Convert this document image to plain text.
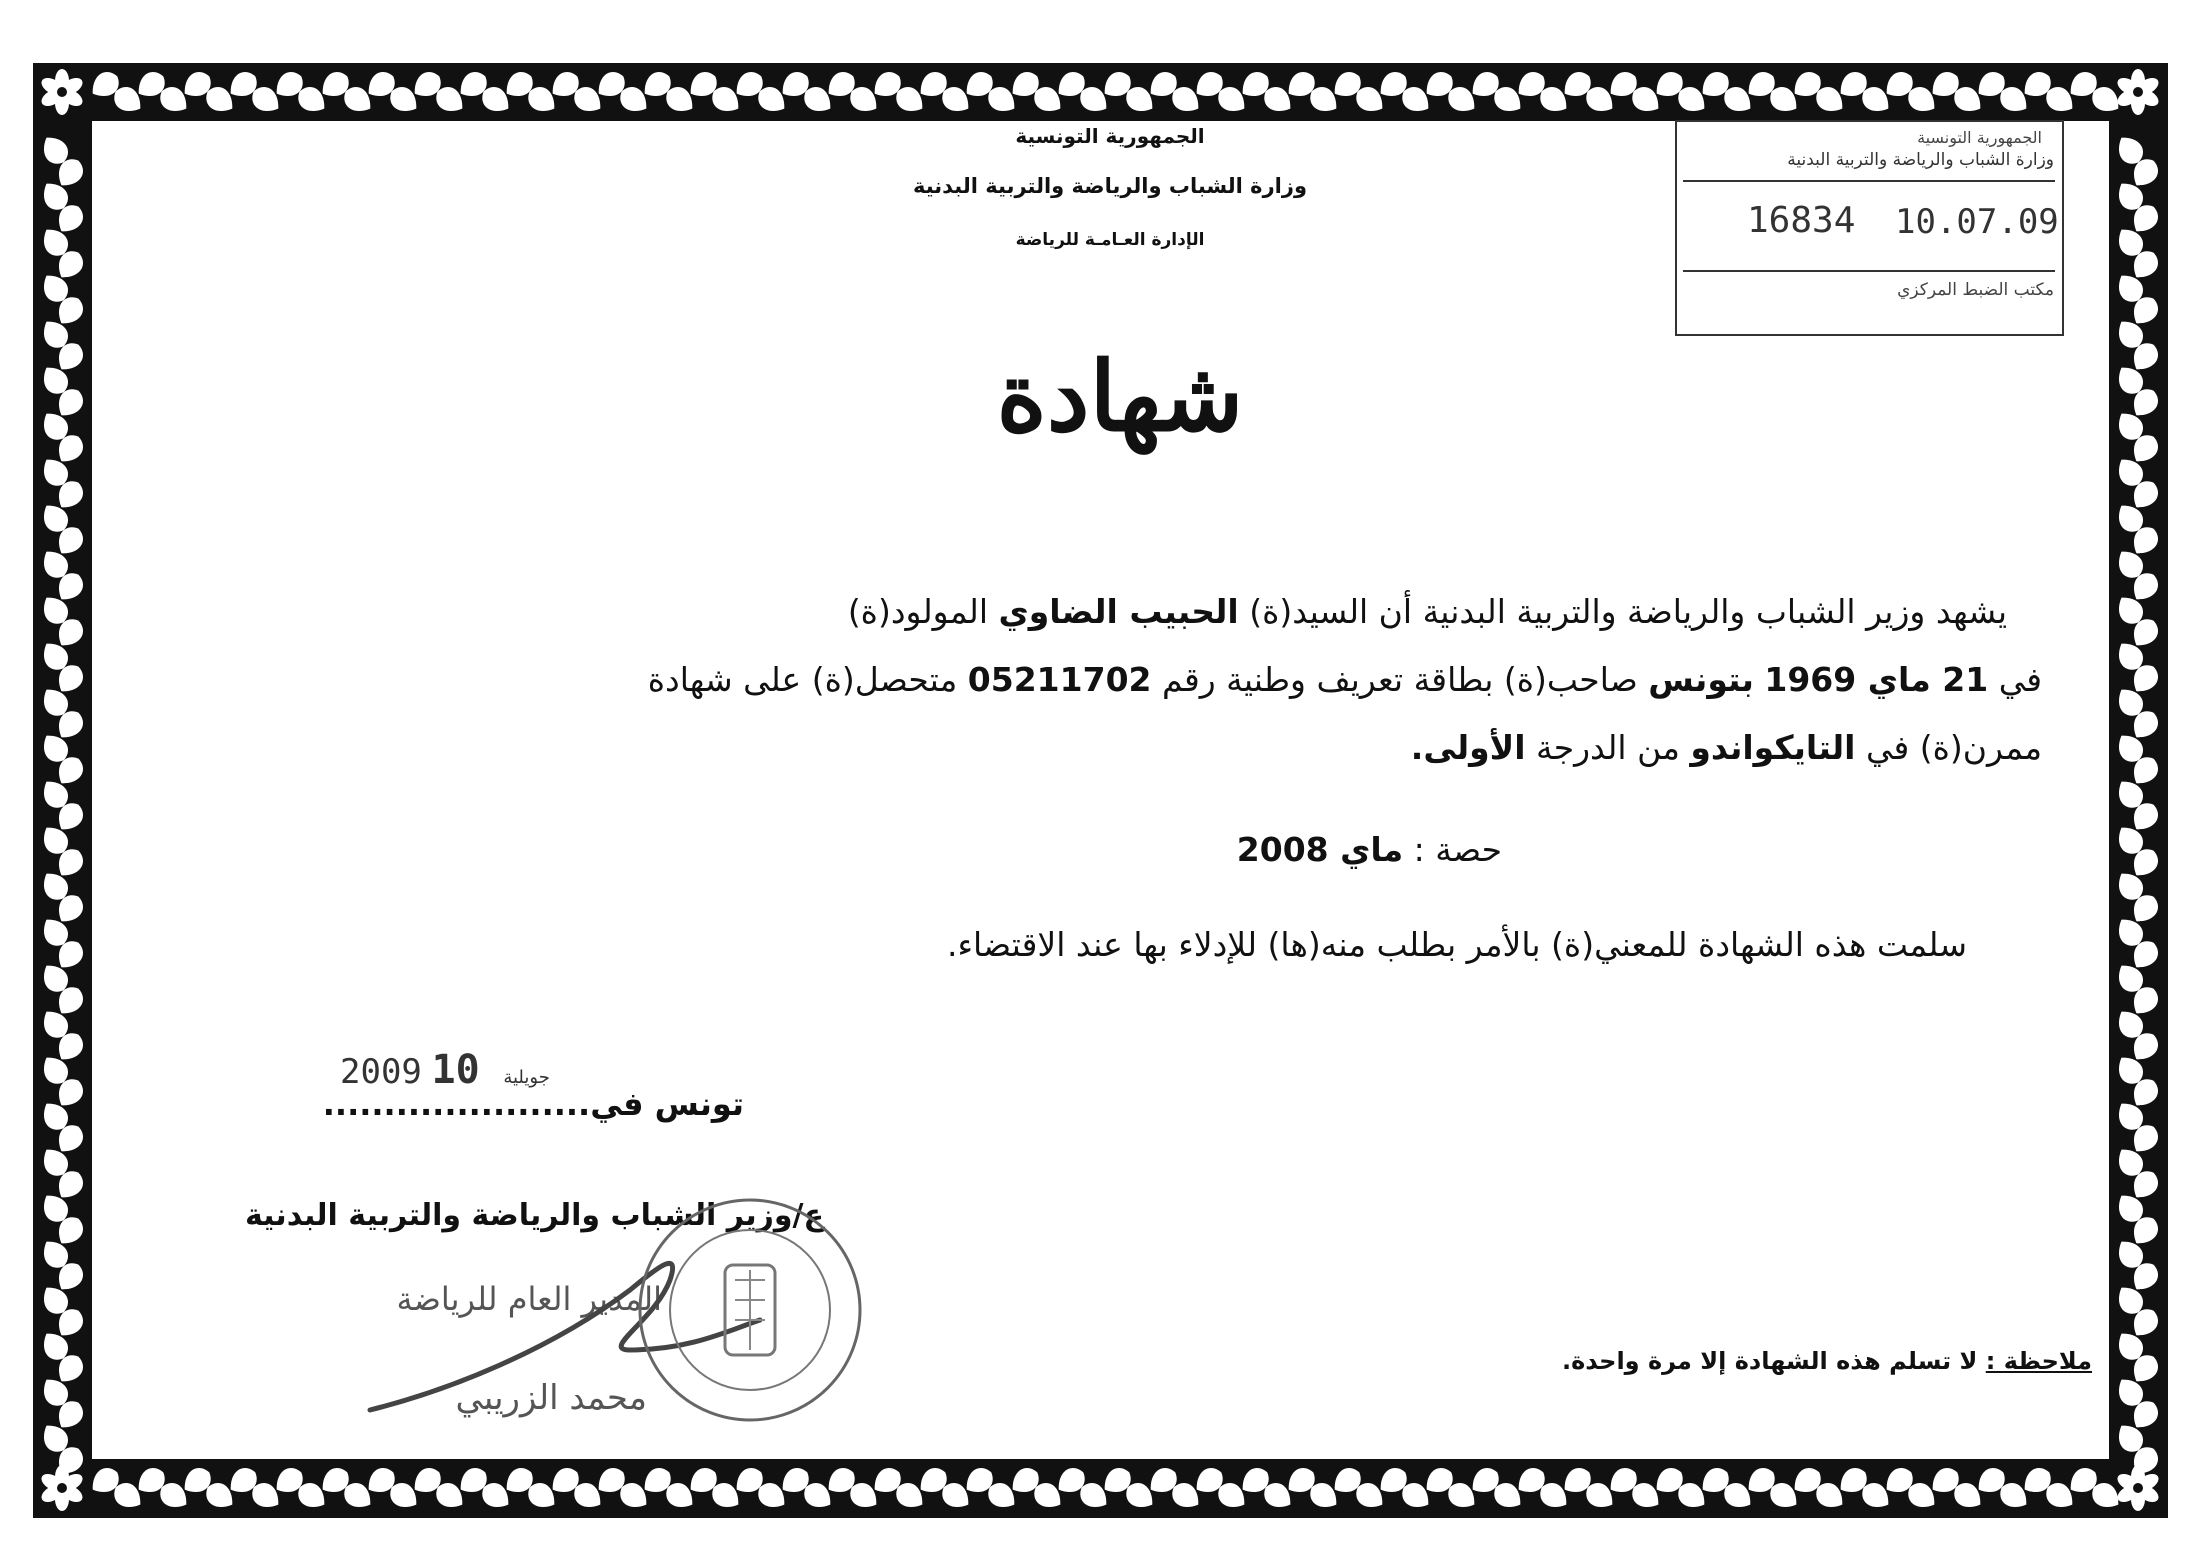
الجمهورية التونسية
وزارة الشباب والرياضة والتربية البدنية
الإدارة العـامـة للرياضة
الجمهورية التونسية
وزارة الشباب والرياضة والتربية البدنية
16834 10.07.09
مكتب الضبط المركزي
شهادة
يشهد وزير الشباب والرياضة والتربية البدنية أن السيد(ة) الحبيب الضاوي المولود(ة)
في 21 ماي 1969 بتونس صاحب(ة) بطاقة تعريف وطنية رقم 05211702 متحصل(ة) على شهادة
ممرن(ة) في التايكواندو من الدرجة الأولى.
حصة : ماي 2008
سلمت هذه الشهادة للمعني(ة) بالأمر بطلب منه(ها) للإدلاء بها عند الاقتضاء.
2009	جويلية 10
تونس في......................
ع/وزير الشباب والرياضة والتربية البدنية
المدير العام للرياضة
محمد الزريبي
ملاحظة : لا تسلم هذه الشهادة إلا مرة واحدة.
